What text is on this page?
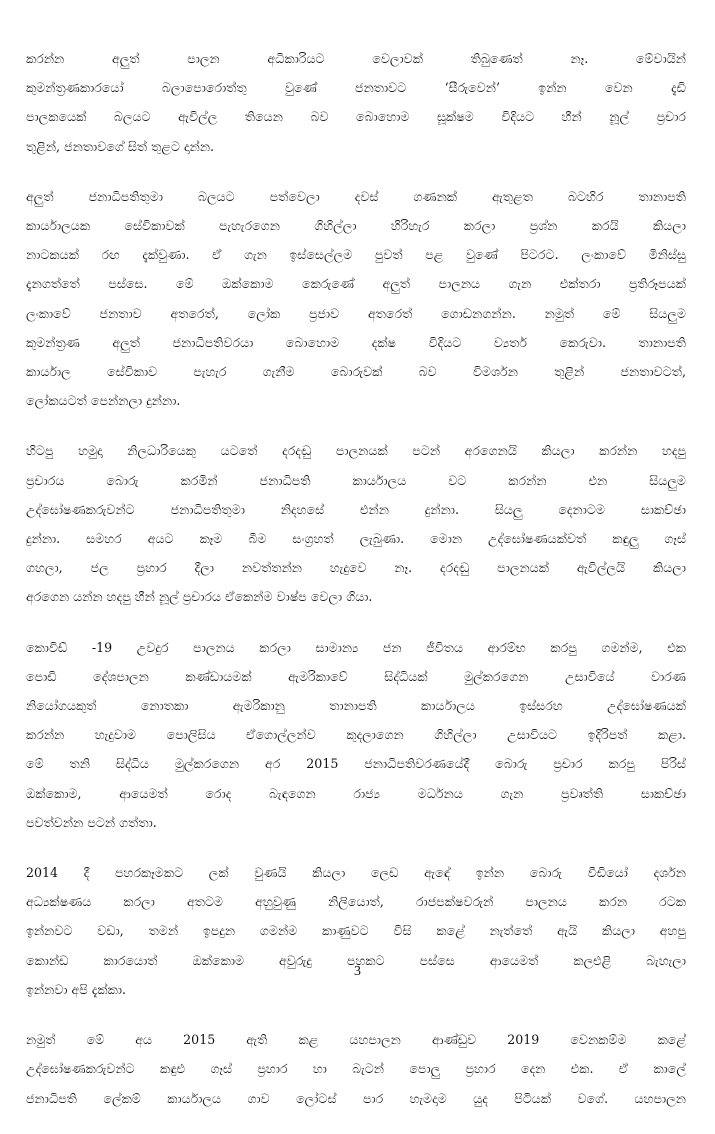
කරන්න අලුත් පාලන අධිකාරියට වෙලාවක් තිබුණෙත් නෑ. මේවායින්
කුමන්ත්‍රණකාරයෝ බලාපොරොත්තු වුණේ ජනතාවට ‘සීරුවෙන්’ ඉන්න වෙන දැඩි
පාලකයෙක් බලයට ඇවිල්ල තියෙන බව බොහොම සූක්ෂම විදියට හීන් නූල් ප්‍රචාර
තුළින්, ජනතාවගේ සිත් තුළට දාන්න.

අලුත් ජනාධිපතිතුමා බලයට පත්වෙලා දවස් ගණනක් ඇතුළත බටහිර තානාපති
කාර්යාලයක සේවිකාවක් පැහැරගෙන ගිහිල්ලා හිරිහැර කරලා ප්‍රශ්න කරයි කියලා
නාටකයක් රඟ දැක්වුණා. ඒ ගැන ඉස්සෙල්ලම පුවත් පළ වුණේ පිටරට. ලංකාවේ මිනිස්සු
දැනගත්තේ පස්සෙ. මේ ඔක්කොම කෙරුණේ අලුත් පාලනය ගැන එක්තරා ප්‍රතිරූපයක්
ලංකාවේ ජනතාව අතරෙත්, ලෝක ප්‍රජාව අතරෙත් ගොඩනගන්න. නමුත් මේ සියලුම
කුමන්ත්‍රණ අලුත් ජනාධිපතිවරයා බොහොම දක්ෂ විදියට ව්‍යර්ත කෙරුවා. තානාපති
කාර්යාල සේවිකාව පැහැර ගැනීම බොරුවක් බව විමර්ශන තුළින් ජනතාවටත්,
ලෝකයටත් පෙන්නලා දුන්නා.

හිටපු හමුදා නිලධාරියෙකු යටතේ දරදඬු පාලනයක් පටන් අරගෙනයි කියලා කරන්න හදපු
ප්‍රචාරය බොරු කරමින් ජනාධිපති කාර්යාලය වට කරන්න එන සියලුම
උද්ඝෝෂණකරුවන්ට ජනාධිපතිතුමා නිදහසේ එන්න දුන්නා. සියලු දෙනාටම සාකච්ඡා
දුන්නා. සමහර අයට කෑම බීම සංග්‍රහත් ලැබුණා. මොන උද්ඝෝෂණයක්වත් කඳුලු ගෑස්
ගහලා, ජල ප්‍රහාර දීලා නවත්තන්න හැදුවෙ නෑ. දරදඬු පාලනයක් ඇවිල්ලයි කියලා
අරගෙන යන්න හදපු හීන් නූල් ප්‍රචාරය ඒකෙන්ම වාෂ්ප වෙලා ගියා.

කොවිඩ් -19 උවදුර පාලනය කරලා සාමාන්‍ය ජන ජීවිතය ආරම්භ කරපු ගමන්ම, එක
පොඩි දේශපාලන කණ්ඩායමක් ඇමරිකාවේ සිද්ධියක් මුල්කරගෙන උසාවියේ වාරණ
නියෝගයකුත් නොතකා ඇමරිකානු තානාපති කාර්යාලය ඉස්සරහ උද්ඝෝෂණයක්
කරන්න හැදුවාම පොලිසිය ඒගොල්ලන්ව කුදලාගෙන ගිහිල්ලා උසාවියට ඉදිරිපත් කළා.
මේ තනි සිද්ධිය මුල්කරගෙන අර 2015 ජනාධිපතිවරණයේදී බොරු ප්‍රචාර කරපු පිරිස්
ඔක්කොම, ආයෙමත් රොද බැඳගෙන රාජ්‍ය මර්ධනය ගැන ප්‍රවෘත්ති සාකච්ඡා
පවත්වන්න පටන් ගත්තා.

2014 දී පහරකෑමකට ලක් වුණයි කියලා ලෙඩ ඇඳේ ඉන්න බොරු වීඩියෝ දර්ශන
අධ්‍යක්ෂණය කරලා අතටම අහුවුණු නිලියොත්, රාජපක්ෂවරුන් පාලනය කරන රටක
ඉන්නවට වඩා, තමන් ඉපදුන ගමන්ම කාණුවට විසි කළේ නැත්තේ ඇයි කියලා අහපු
කොන්ඩ කාරයොත් ඔක්කොම අවුරුදු පහකට පස්සෙ ආයෙමත් කලඑළි බැහැලා
ඉන්නවා අපි දැක්කා.

නමුත් මේ අය 2015 ඇති කළ යහපාලන ආණ්ඩුව 2019 වෙනකම්ම කළේ
උද්ඝෝෂණකරුවන්ට කඳුළු ගෑස් ප්‍රහාර හා බැටන් පොලු ප්‍රහාර දෙන එක. ඒ කාලේ
ජනාධිපති ලේකම් කාර්යාලය ගාව ලෝටස් පාර හැමදාම යුද පිටියක් වගේ. යහපාලන

3
